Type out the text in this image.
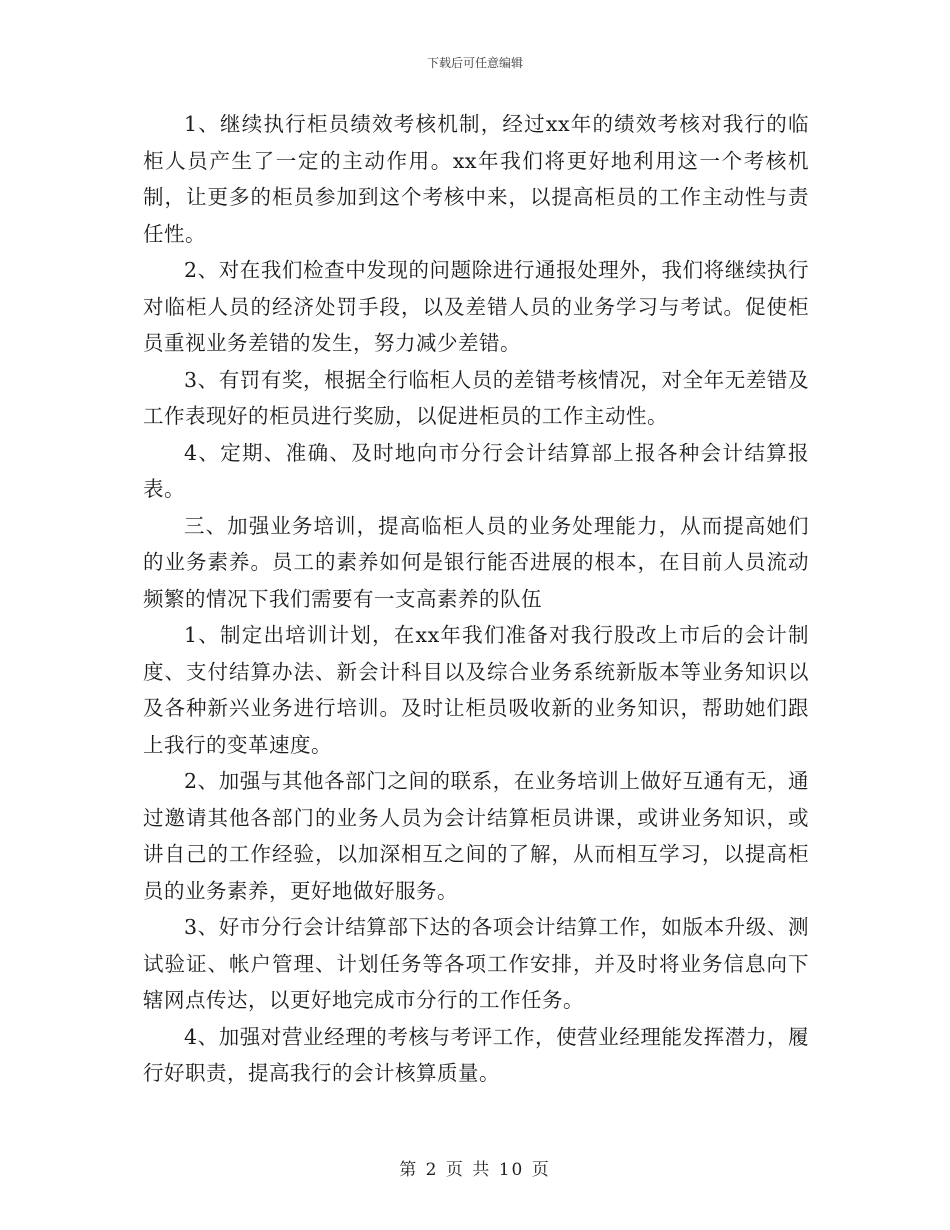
下载后可任意编辑

1、继续执行柜员绩效考核机制，经过xx年的绩效考核对我行的临柜人员产生了一定的主动作用。xx年我们将更好地利用这一个考核机制，让更多的柜员参加到这个考核中来，以提高柜员的工作主动性与责任性。

2、对在我们检查中发现的问题除进行通报处理外，我们将继续执行对临柜人员的经济处罚手段，以及差错人员的业务学习与考试。促使柜员重视业务差错的发生，努力减少差错。

3、有罚有奖，根据全行临柜人员的差错考核情况，对全年无差错及工作表现好的柜员进行奖励，以促进柜员的工作主动性。

4、定期、准确、及时地向市分行会计结算部上报各种会计结算报表。

三、加强业务培训，提高临柜人员的业务处理能力，从而提高她们的业务素养。员工的素养如何是银行能否进展的根本，在目前人员流动频繁的情况下我们需要有一支高素养的队伍

1、制定出培训计划，在xx年我们准备对我行股改上市后的会计制度、支付结算办法、新会计科目以及综合业务系统新版本等业务知识以及各种新兴业务进行培训。及时让柜员吸收新的业务知识，帮助她们跟上我行的变革速度。

2、加强与其他各部门之间的联系，在业务培训上做好互通有无，通过邀请其他各部门的业务人员为会计结算柜员讲课，或讲业务知识，或讲自己的工作经验，以加深相互之间的了解，从而相互学习，以提高柜员的业务素养，更好地做好服务。

3、好市分行会计结算部下达的各项会计结算工作，如版本升级、测试验证、帐户管理、计划任务等各项工作安排，并及时将业务信息向下辖网点传达，以更好地完成市分行的工作任务。

4、加强对营业经理的考核与考评工作，使营业经理能发挥潜力，履行好职责，提高我行的会计核算质量。

第 2 页 共 10 页
